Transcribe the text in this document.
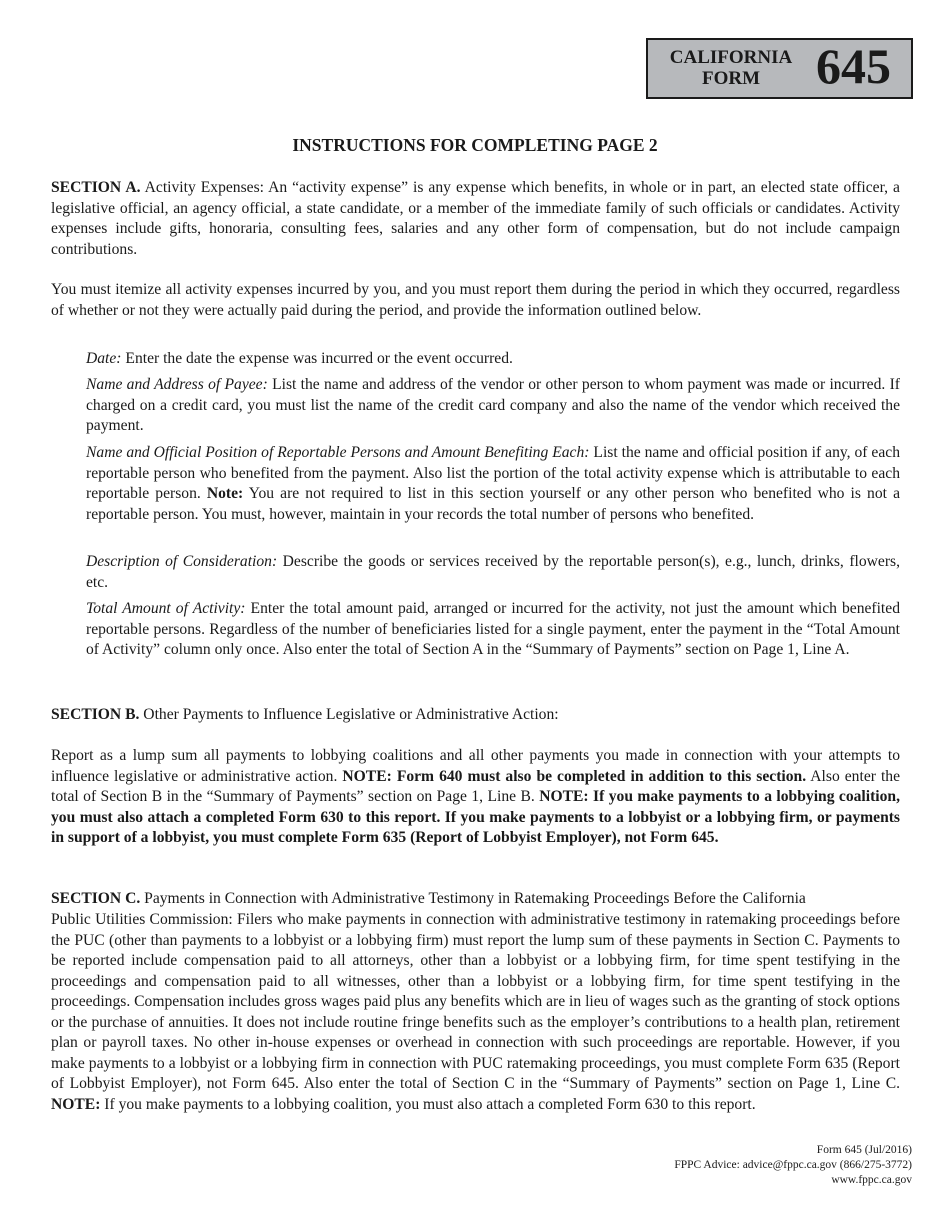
CALIFORNIA
FORM	645
INSTRUCTIONS FOR COMPLETING PAGE 2

SECTION A. Activity Expenses: An “activity expense” is any expense which benefits, in whole or in part, an elected state officer, a legislative official, an agency official, a state candidate, or a member of the immediate family of such officials or candidates. Activity expenses include gifts, honoraria, consulting fees, salaries and any other form of compensation, but do not include campaign contributions.

You must itemize all activity expenses incurred by you, and you must report them during the period in which they occurred, regardless of whether or not they were actually paid during the period, and provide the information outlined below.

Date: Enter the date the expense was incurred or the event occurred.

Name and Address of Payee: List the name and address of the vendor or other person to whom payment was made or incurred. If charged on a credit card, you must list the name of the credit card company and also the name of the vendor which received the payment.

Name and Official Position of Reportable Persons and Amount Benefiting Each: List the name and official position if any, of each reportable person who benefited from the payment. Also list the portion of the total activity expense which is attributable to each reportable person. Note: You are not required to list in this section yourself or any other person who benefited who is not a reportable person. You must, however, maintain in your records the total number of persons who benefited.

Description of Consideration: Describe the goods or services received by the reportable person(s), e.g., lunch, drinks, flowers, etc.

Total Amount of Activity: Enter the total amount paid, arranged or incurred for the activity, not just the amount which benefited reportable persons. Regardless of the number of beneficiaries listed for a single payment, enter the payment in the “Total Amount of Activity” column only once. Also enter the total of Section A in the “Summary of Payments” section on Page 1, Line A.

SECTION B. Other Payments to Influence Legislative or Administrative Action:

Report as a lump sum all payments to lobbying coalitions and all other payments you made in connection with your attempts to influence legislative or administrative action. NOTE: Form 640 must also be completed in addition to this section. Also enter the total of Section B in the “Summary of Payments” section on Page 1, Line B. NOTE: If you make payments to a lobbying coalition, you must also attach a completed Form 630 to this report. If you make payments to a lobbyist or a lobbying firm, or payments in support of a lobbyist, you must complete Form 635 (Report of Lobbyist Employer), not Form 645.

SECTION C. Payments in Connection with Administrative Testimony in Ratemaking Proceedings Before the California

Public Utilities Commission: Filers who make payments in connection with administrative testimony in ratemaking proceedings before the PUC (other than payments to a lobbyist or a lobbying firm) must report the lump sum of these payments in Section C. Payments to be reported include compensation paid to all attorneys, other than a lobbyist or a lobbying firm, for time spent testifying in the proceedings and compensation paid to all witnesses, other than a lobbyist or a lobbying firm, for time spent testifying in the proceedings. Compensation includes gross wages paid plus any benefits which are in lieu of wages such as the granting of stock options or the purchase of annuities. It does not include routine fringe benefits such as the employer’s contributions to a health plan, retirement plan or payroll taxes. No other in-house expenses or overhead in connection with such proceedings are reportable. However, if you make payments to a lobbyist or a lobbying firm in connection with PUC ratemaking proceedings, you must complete Form 635 (Report of Lobbyist Employer), not Form 645. Also enter the total of Section C in the “Summary of Payments” section on Page 1, Line C. NOTE: If you make payments to a lobbying coalition, you must also attach a completed Form 630 to this report.

Form 645 (Jul/2016)
FPPC Advice: advice@fppc.ca.gov (866/275-3772)
www.fppc.ca.gov
